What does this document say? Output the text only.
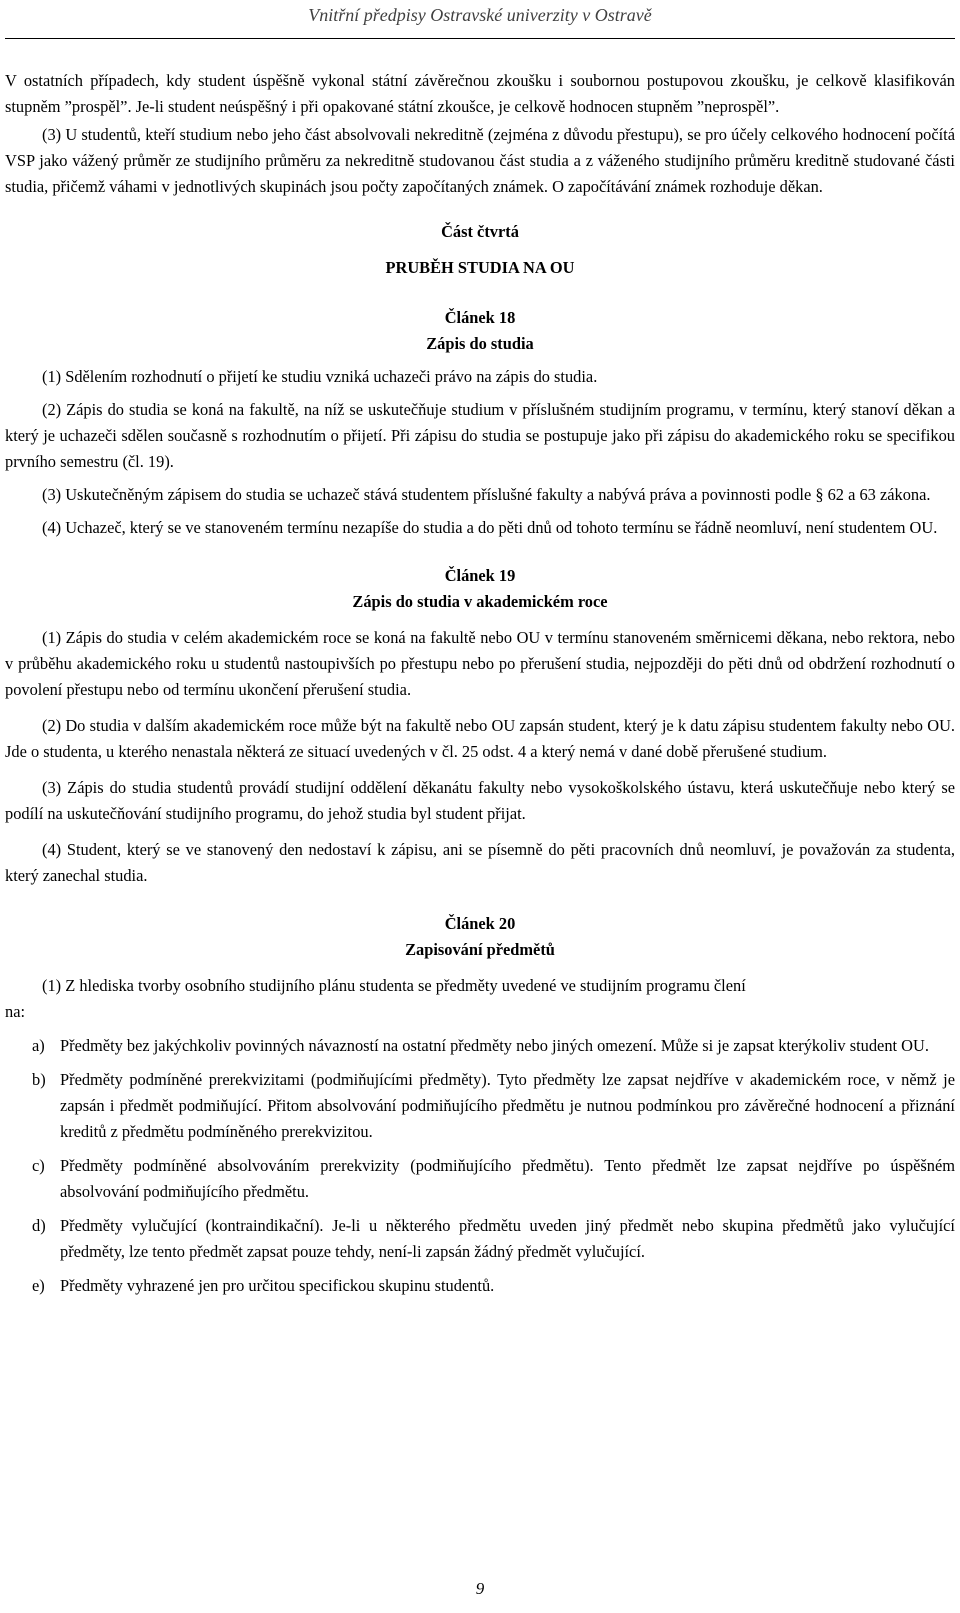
Vnitřní předpisy Ostravské univerzity v Ostravě

V ostatních případech, kdy student úspěšně vykonal státní závěrečnou zkoušku i soubornou postupovou zkoušku, je celkově klasifikován stupněm ”prospěl”. Je-li student neúspěšný i při opakované státní zkoušce, je celkově hodnocen stupněm ”neprospěl”.

(3) U studentů, kteří studium nebo jeho část absolvovali nekreditně (zejména z důvodu přestupu), se pro účely celkového hodnocení počítá VSP jako vážený průměr ze studijního průměru za nekreditně studovanou část studia a z váženého studijního průměru kreditně studované části studia, přičemž váhami v jednotlivých skupinách jsou počty započítaných známek. O započítávání známek rozhoduje děkan.

Část čtvrtá
PRUBĚH STUDIA NA OU
Článek 18
Zápis do studia

(1) Sdělením rozhodnutí o přijetí ke studiu vzniká uchazeči právo na zápis do studia.

(2) Zápis do studia se koná na fakultě, na níž se uskutečňuje studium v příslušném studijním programu, v termínu, který stanoví děkan a který je uchazeči sdělen současně s rozhodnutím o přijetí. Při zápisu do studia se postupuje jako při zápisu do akademického roku se specifikou prvního semestru (čl. 19).

(3) Uskutečněným zápisem do studia se uchazeč stává studentem příslušné fakulty a nabývá práva a povinnosti podle § 62 a 63 zákona.

(4) Uchazeč, který se ve stanoveném termínu nezapíše do studia a do pěti dnů od tohoto termínu se řádně neomluví, není studentem OU.

Článek 19
Zápis do studia v akademickém roce

(1) Zápis do studia v celém akademickém roce se koná na fakultě nebo OU v termínu stanoveném směrnicemi děkana, nebo rektora, nebo v průběhu akademického roku u studentů nastoupivších po přestupu nebo po přerušení studia, nejpozději do pěti dnů od obdržení rozhodnutí o povolení přestupu nebo od termínu ukončení přerušení studia.

(2) Do studia v dalším akademickém roce může být na fakultě nebo OU zapsán student, který je k datu zápisu studentem fakulty nebo OU. Jde o studenta, u kterého nenastala některá ze situací uvedených v čl. 25 odst. 4 a který nemá v dané době přerušené studium.

(3) Zápis do studia studentů provádí studijní oddělení děkanátu fakulty nebo vysokoškolského ústavu, která uskutečňuje nebo který se podílí na uskutečňování studijního programu, do jehož studia byl student přijat.

(4) Student, který se ve stanovený den nedostaví k zápisu, ani se písemně do pěti pracovních dnů neomluví, je považován za studenta, který zanechal studia.

Článek 20
Zapisování předmětů

(1) Z hlediska tvorby osobního studijního plánu studenta se předměty uvedené ve studijním programu člení

na:

a) Předměty bez jakýchkoliv povinných návazností na ostatní předměty nebo jiných omezení. Může si je zapsat kterýkoliv student OU.
b) Předměty podmíněné prerekvizitami (podmiňujícími předměty). Tyto předměty lze zapsat nejdříve v akademickém roce, v němž je zapsán i předmět podmiňující. Přitom absolvování podmiňujícího předmětu je nutnou podmínkou pro závěrečné hodnocení a přiznání kreditů z předmětu podmíněného prerekvizitou.
c) Předměty podmíněné absolvováním prerekvizity (podmiňujícího předmětu). Tento předmět lze zapsat nejdříve po úspěšném absolvování podmiňujícího předmětu.
d) Předměty vylučující (kontraindikační). Je-li u některého předmětu uveden jiný předmět nebo skupina předmětů jako vylučující předměty, lze tento předmět zapsat pouze tehdy, není-li zapsán žádný předmět vylučující.
e) Předměty vyhrazené jen pro určitou specifickou skupinu studentů.
9
